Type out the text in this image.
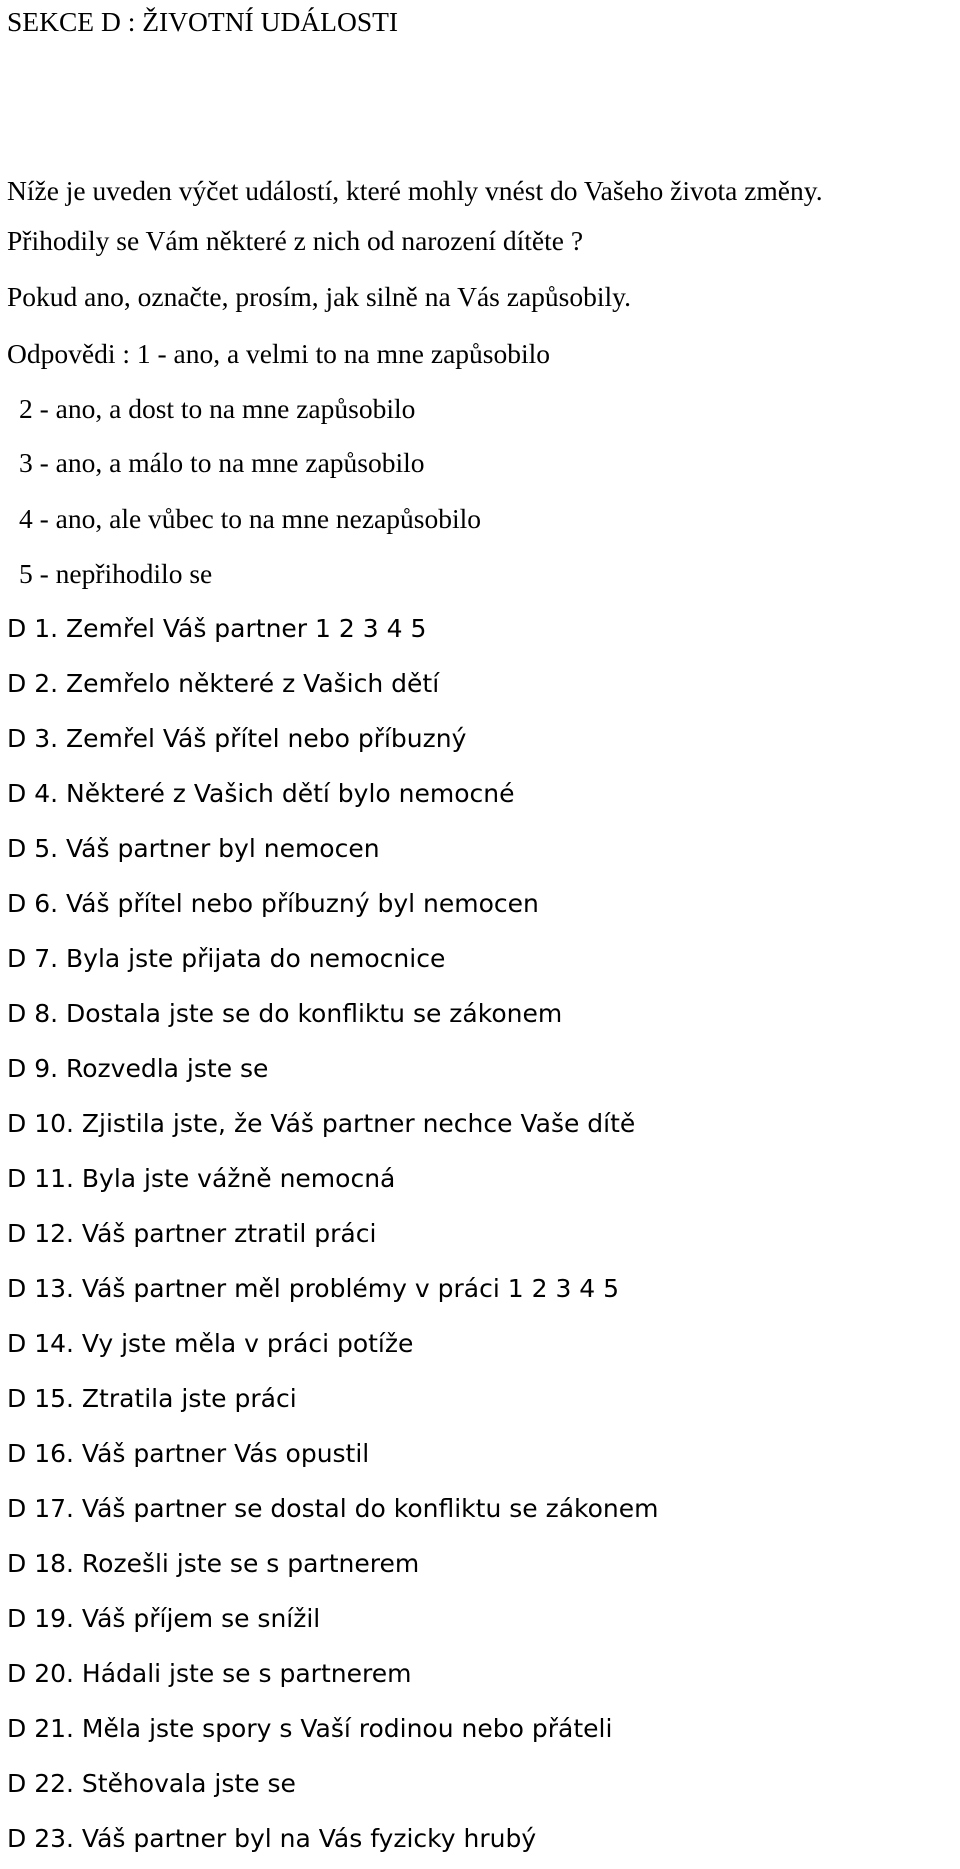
SEKCE D : ŽIVOTNÍ UDÁLOSTI
Níže je uveden výčet událostí, které mohly vnést do Vašeho života změny.
Přihodily se Vám některé z nich od narození dítěte ?
Pokud ano, označte, prosím, jak silně na Vás zapůsobily.
Odpovědi : 1 - ano, a velmi to na mne zapůsobilo
2 - ano, a dost to na mne zapůsobilo
3 - ano, a málo to na mne zapůsobilo
4 - ano, ale vůbec to na mne nezapůsobilo
5 - nepřihodilo se
D 1. Zemřel Váš partner 1 2 3 4 5
D 2. Zemřelo některé z Vašich dětí
D 3. Zemřel Váš přítel nebo příbuzný
D 4. Některé z Vašich dětí bylo nemocné
D 5. Váš partner byl nemocen
D 6. Váš přítel nebo příbuzný byl nemocen
D 7. Byla jste přijata do nemocnice
D 8. Dostala jste se do konfliktu se zákonem
D 9. Rozvedla jste se
D 10. Zjistila jste, že Váš partner nechce Vaše dítě
D 11. Byla jste vážně nemocná
D 12. Váš partner ztratil práci
D 13. Váš partner měl problémy v práci 1 2 3 4 5
D 14. Vy jste měla v práci potíže
D 15. Ztratila jste práci
D 16. Váš partner Vás opustil
D 17. Váš partner se dostal do konfliktu se zákonem
D 18. Rozešli jste se s partnerem
D 19. Váš příjem se snížil
D 20. Hádali jste se s partnerem
D 21. Měla jste spory s Vaší rodinou nebo přáteli
D 22. Stěhovala jste se
D 23. Váš partner byl na Vás fyzicky hrubý
